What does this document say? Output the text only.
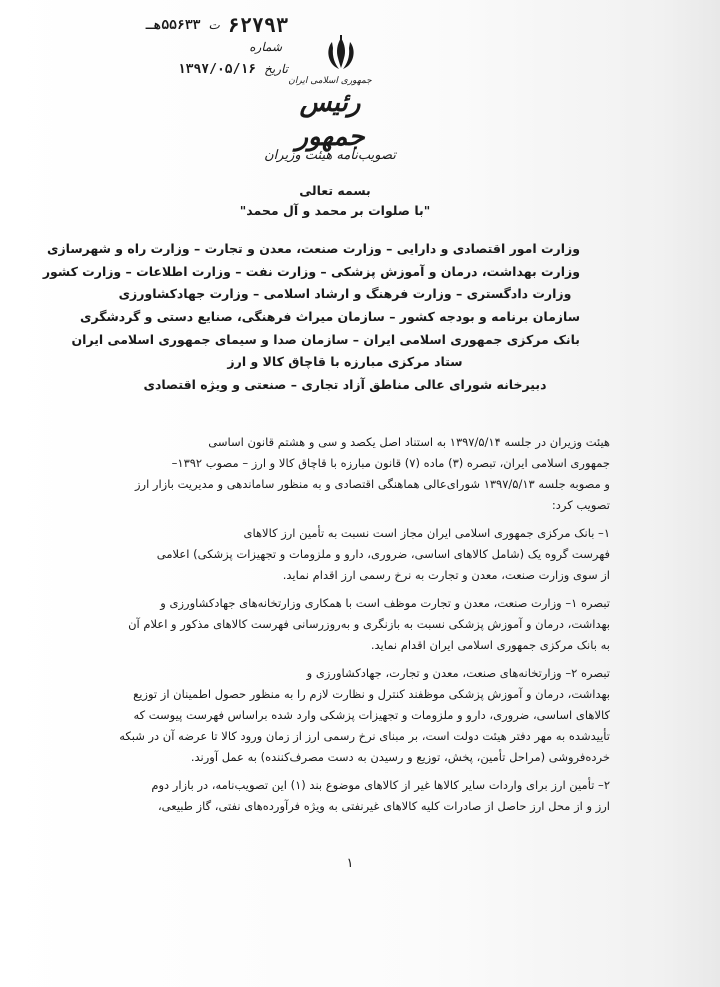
۶۲۷۹۳
ت
۵۵۶۳۳هـ
شماره
تاریخ
۱۳۹۷/۰۵/۱۶
جمهوری اسلامی ایران
رئیس جمهور
تصویب‌نامه هیئت وزیران
بسمه تعالی
"با صلوات بر محمد و آل محمد"
وزارت امور اقتصادی و دارایی – وزارت صنعت، معدن و تجارت – وزارت راه و شهرسازی
وزارت بهداشت، درمان و آموزش پزشکی – وزارت نفت – وزارت اطلاعات – وزارت کشور
وزارت دادگستری – وزارت فرهنگ و ارشاد اسلامی – وزارت جهادکشاورزی
سازمان برنامه و بودجه کشور – سازمان میراث فرهنگی، صنایع دستی و گردشگری
بانک مرکزی جمهوری اسلامی ایران – سازمان صدا و سیمای جمهوری اسلامی ایران
ستاد مرکزی مبارزه با قاچاق کالا و ارز
دبیرخانه شورای عالی مناطق آزاد تجاری – صنعتی و ویژه اقتصادی
هیئت وزیران در جلسه ۱۳۹۷/۵/۱۴ به استناد اصل یکصد و سی و هشتم قانون اساسی
جمهوری اسلامی ایران، تبصره (۳) ماده (۷) قانون مبارزه با قاچاق کالا و ارز – مصوب ۱۳۹۲–
و مصوبه جلسه ۱۳۹۷/۵/۱۳ شورای‌عالی هماهنگی اقتصادی و به منظور ساماندهی و مدیریت بازار ارز
تصویب کرد:
۱– بانک مرکزی جمهوری اسلامی ایران مجاز است نسبت به تأمین ارز کالاهای
فهرست گروه یک (شامل کالاهای اساسی، ضروری، دارو و ملزومات و تجهیزات پزشکی) اعلامی
از سوی وزارت صنعت، معدن و تجارت به نرخ رسمی ارز اقدام نماید.
تبصره ۱– وزارت صنعت، معدن و تجارت موظف است با همکاری وزارتخانه‌های جهادکشاورزی و
بهداشت، درمان و آموزش پزشکی نسبت به بازنگری و به‌روزرسانی فهرست کالاهای مذکور و اعلام آن
به بانک مرکزی جمهوری اسلامی ایران اقدام نماید.
تبصره ۲– وزارتخانه‌های صنعت، معدن و تجارت، جهادکشاورزی و
بهداشت، درمان و آموزش پزشکی موظفند کنترل و نظارت لازم را به منظور حصول اطمینان از توزیع
کالاهای اساسی، ضروری، دارو و ملزومات و تجهیزات پزشکی وارد شده براساس فهرست پیوست که
تأییدشده به مهر دفتر هیئت دولت است، بر مبنای نرخ رسمی ارز از زمان ورود کالا تا عرضه آن در شبکه
خرده‌فروشی (مراحل تأمین، پخش، توزیع و رسیدن به دست مصرف‌کننده) به عمل آورند.
۲– تأمین ارز برای واردات سایر کالاها غیر از کالاهای موضوع بند (۱) این تصویب‌نامه، در بازار دوم
ارز و از محل ارز حاصل از صادرات کلیه کالاهای غیرنفتی به ویژه فرآورده‌های نفتی، گاز طبیعی،
۱
